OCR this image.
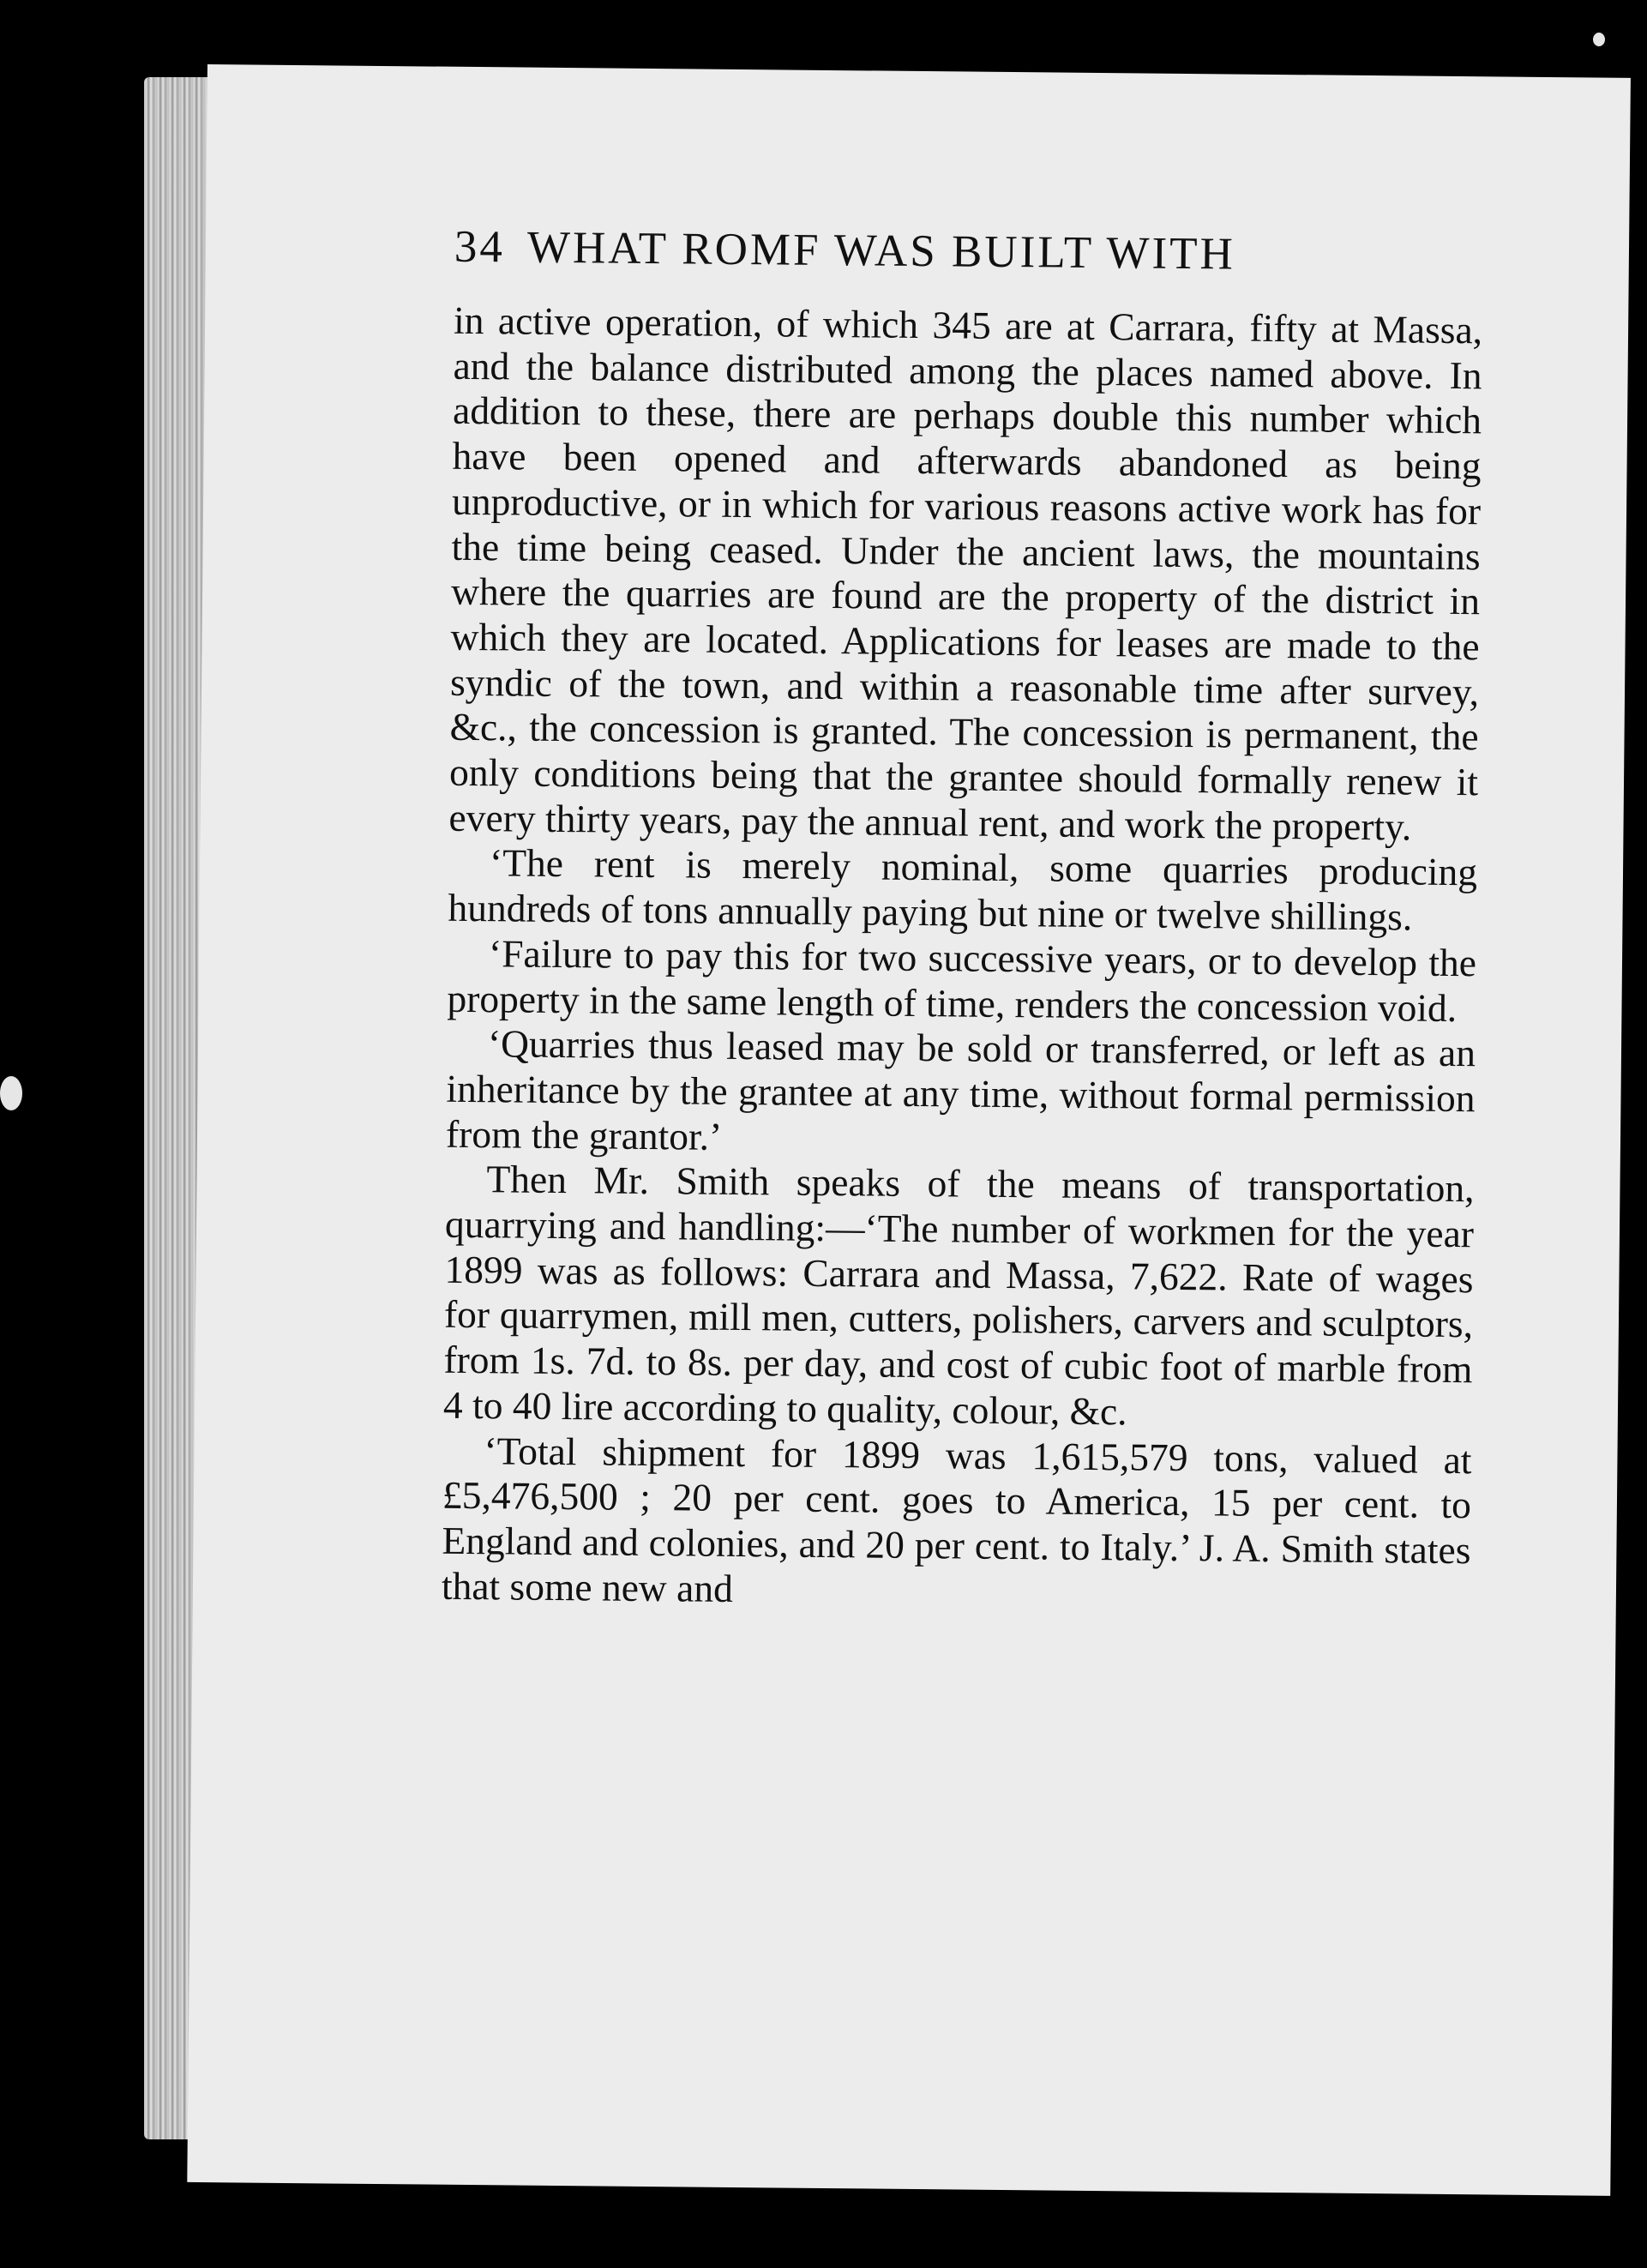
34 WHAT ROMF WAS BUILT WITH

in active operation, of which 345 are at Carrara, fifty at Massa, and the balance distributed among the places named above. In addition to these, there are perhaps double this number which have been opened and afterwards abandoned as being unproductive, or in which for various reasons active work has for the time being ceased. Under the ancient laws, the mountains where the quarries are found are the property of the district in which they are located. Applications for leases are made to the syndic of the town, and within a reasonable time after survey, &c., the concession is granted. The concession is permanent, the only conditions being that the grantee should formally renew it every thirty years, pay the annual rent, and work the property.

‘The rent is merely nominal, some quarries producing hundreds of tons annually paying but nine or twelve shillings.

‘Failure to pay this for two successive years, or to develop the property in the same length of time, renders the concession void.

‘Quarries thus leased may be sold or transferred, or left as an inheritance by the grantee at any time, without formal permission from the grantor.’

Then Mr. Smith speaks of the means of transportation, quarrying and handling:—‘The number of workmen for the year 1899 was as follows: Carrara and Massa, 7,622. Rate of wages for quarrymen, mill men, cutters, polishers, carvers and sculptors, from 1s. 7d. to 8s. per day, and cost of cubic foot of marble from 4 to 40 lire according to quality, colour, &c.

‘Total shipment for 1899 was 1,615,579 tons, valued at £5,476,500 ; 20 per cent. goes to America, 15 per cent. to England and colonies, and 20 per cent. to Italy.’ J. A. Smith states that some new and
